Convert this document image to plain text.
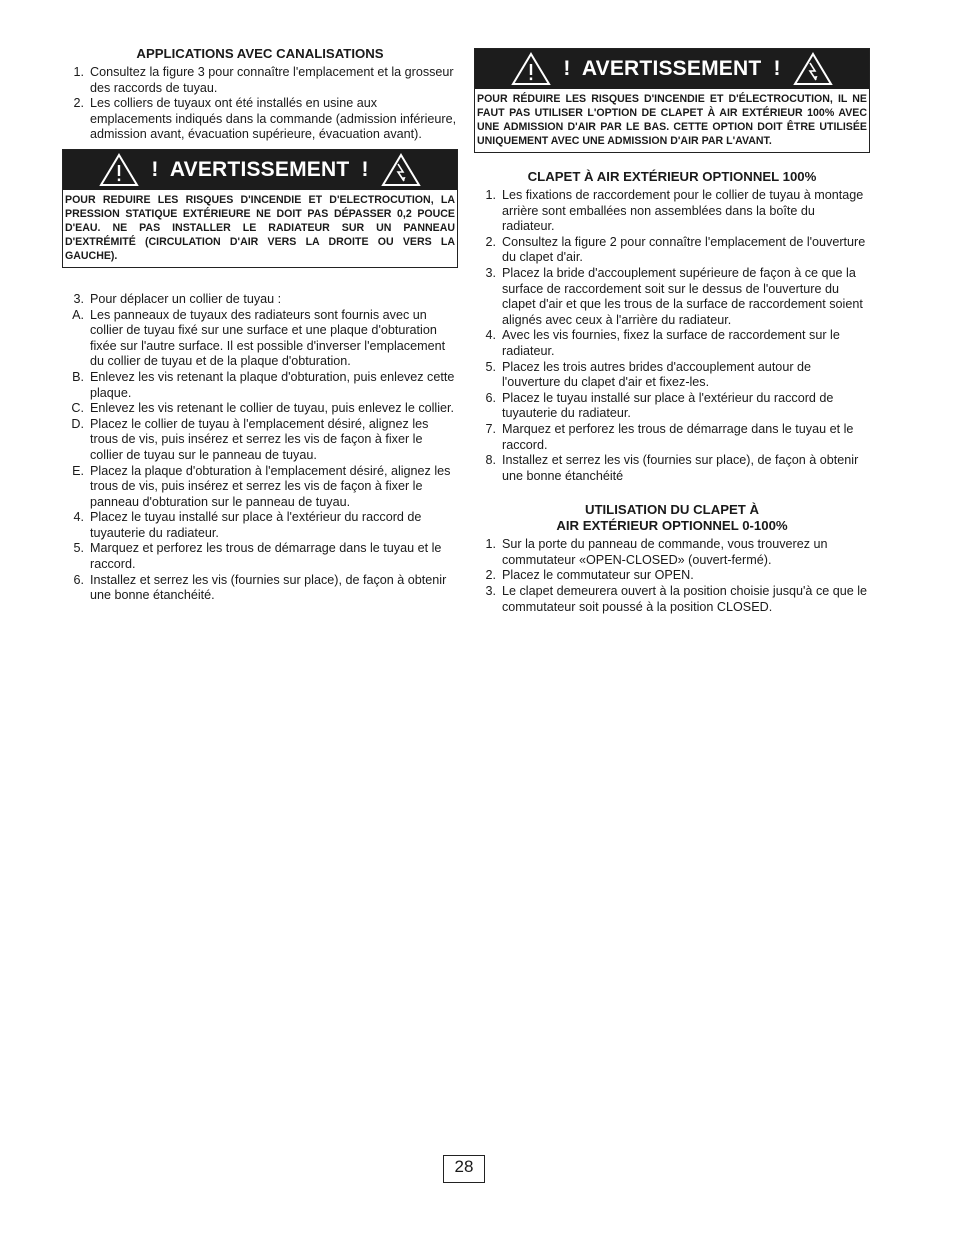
APPLICATIONS AVEC CANALISATIONS
1. Consultez la figure 3 pour connaître l'emplacement et la grosseur des raccords de tuyau.
2. Les colliers de tuyaux ont été installés en usine aux emplacements indiqués dans la commande (admission inférieure, admission avant, évacuation supérieure, évacuation avant).
!  AVERTISSEMENT  !
POUR REDUIRE LES RISQUES D'INCENDIE ET D'ELECTROCUTION, LA PRESSION STATIQUE EXTÉRIEURE NE DOIT PAS DÉPASSER 0,2 POUCE D'EAU. NE PAS INSTALLER LE RADIATEUR SUR UN PANNEAU D'EXTRÉMITÉ (CIRCULATION D'AIR VERS LA DROITE OU VERS LA GAUCHE).
3. Pour déplacer un collier de tuyau :
A. Les panneaux de tuyaux des radiateurs sont fournis avec un collier de tuyau fixé sur une surface et une plaque d'obturation fixée sur l'autre surface. Il est possible d'inverser l'emplacement du collier de tuyau et de la plaque d'obturation.
B. Enlevez les vis retenant la plaque d'obturation, puis enlevez cette plaque.
C. Enlevez les vis retenant le collier de tuyau, puis enlevez le collier.
D. Placez le collier de tuyau à l'emplacement désiré, alignez les trous de vis, puis insérez et serrez les vis de façon à fixer le collier de tuyau sur le panneau de tuyau.
E. Placez la plaque d'obturation à l'emplacement désiré, alignez les trous de vis, puis insérez et serrez les vis de façon à fixer le panneau d'obturation sur le panneau de tuyau.
4. Placez le tuyau installé sur place à l'extérieur du raccord de tuyauterie du radiateur.
5. Marquez et perforez les trous de démarrage dans le tuyau et le raccord.
6. Installez et serrez les vis (fournies sur place), de façon à obtenir une bonne étanchéité.
!  AVERTISSEMENT  !
POUR RÉDUIRE LES RISQUES D'INCENDIE ET D'ÉLECTROCUTION, IL NE FAUT PAS UTILISER L'OPTION DE CLAPET À AIR EXTÉRIEUR 100% AVEC UNE ADMISSION D'AIR PAR LE BAS. CETTE OPTION DOIT ÊTRE UTILISÉE UNIQUEMENT AVEC UNE ADMISSION D'AIR PAR L'AVANT.
CLAPET À AIR EXTÉRIEUR OPTIONNEL 100%
1. Les fixations de raccordement pour le collier de tuyau à montage arrière sont emballées non assemblées dans la boîte du radiateur.
2. Consultez la figure 2 pour connaître l'emplacement de l'ouverture du clapet d'air.
3. Placez la bride d'accouplement supérieure de façon à ce que la surface de raccordement soit sur le dessus de l'ouverture du clapet d'air et que les trous de la surface de raccordement soient alignés avec ceux à l'arrière du radiateur.
4. Avec les vis fournies, fixez la surface de raccordement sur le radiateur.
5. Placez les trois autres brides d'accouplement autour de l'ouverture du clapet d'air et fixez-les.
6. Placez le tuyau installé sur place à l'extérieur du raccord de tuyauterie du radiateur.
7. Marquez et perforez les trous de démarrage dans le tuyau et le raccord.
8. Installez et serrez les vis (fournies sur place), de façon à obtenir une bonne étanchéité
UTILISATION DU CLAPET À
AIR EXTÉRIEUR OPTIONNEL 0-100%
1. Sur la porte du panneau de commande, vous trouverez un commutateur «OPEN-CLOSED» (ouvert-fermé).
2. Placez le commutateur sur OPEN.
3. Le clapet demeurera ouvert à la position choisie jusqu'à ce que le commutateur soit poussé à la position CLOSED.
28
